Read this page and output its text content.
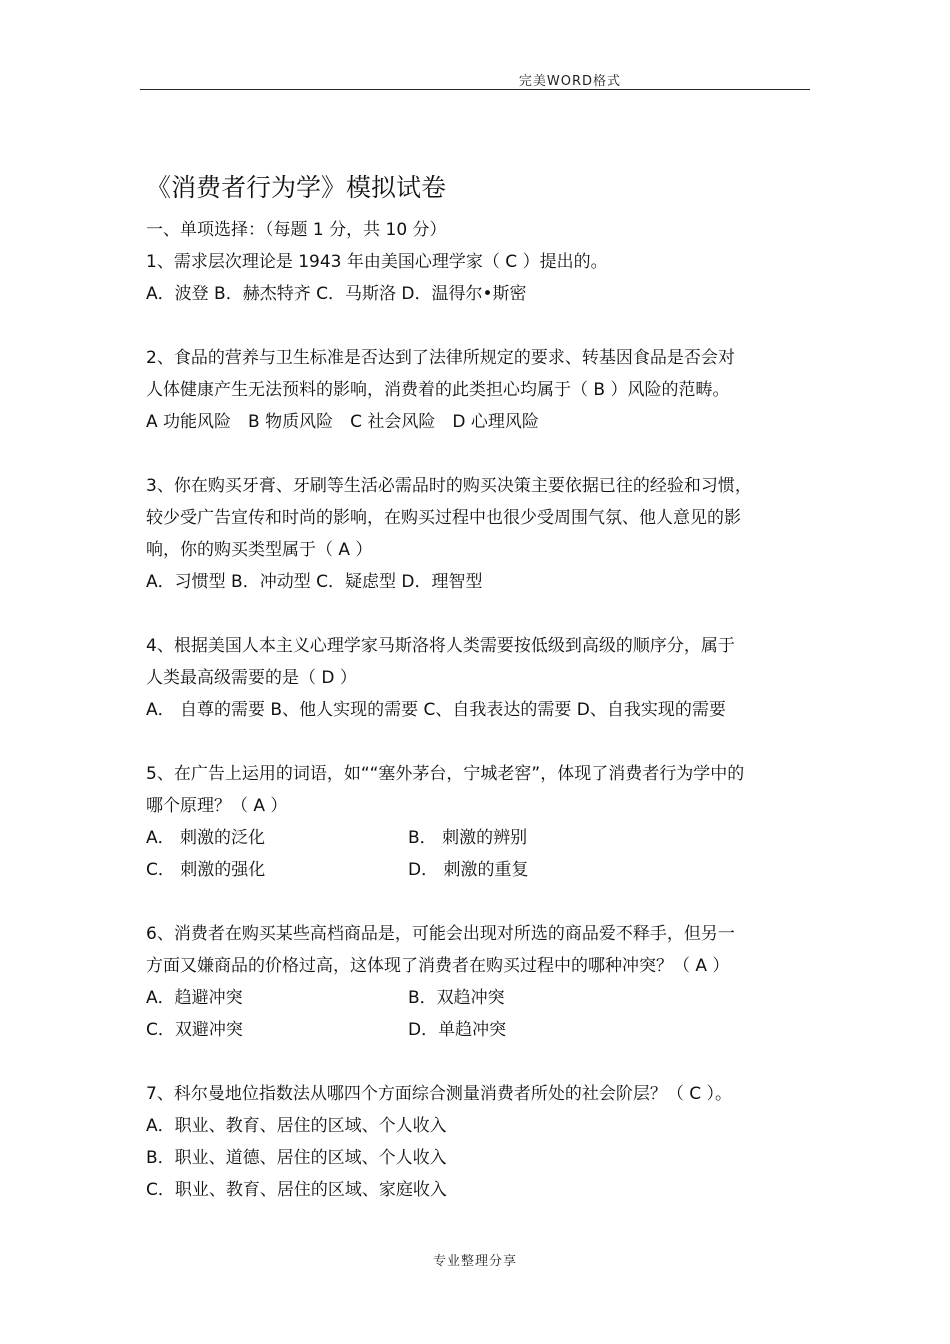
完美WORD格式
《消费者行为学》模拟试卷
一、单项选择：（每题 1 分，共 10 分）
1、需求层次理论是 1943 年由美国心理学家（ C ）提出的。
A．波登 B．赫杰特齐 C．马斯洛 D．温得尔•斯密
2、食品的营养与卫生标准是否达到了法律所规定的要求、转基因食品是否会对
人体健康产生无法预料的影响，消费着的此类担心均属于（ B ）风险的范畴。
A 功能风险　B 物质风险　C 社会风险　D 心理风险
3、你在购买牙膏、牙刷等生活必需品时的购买决策主要依据已往的经验和习惯，
较少受广告宣传和时尚的影响，在购买过程中也很少受周围气氛、他人意见的影
响，你的购买类型属于（ A ）
A．习惯型 B．冲动型 C．疑虑型 D．理智型
4、根据美国人本主义心理学家马斯洛将人类需要按低级到高级的顺序分，属于
人类最高级需要的是（ D ）
A． 自尊的需要 B、他人实现的需要 C、自我表达的需要 D、自我实现的需要
5、在广告上运用的词语，如““塞外茅台，宁城老窖”，体现了消费者行为学中的
哪个原理？（ A ）
A． 刺激的泛化	B． 刺激的辨别
C． 刺激的强化	D． 刺激的重复
6、消费者在购买某些高档商品是，可能会出现对所选的商品爱不释手，但另一
方面又嫌商品的价格过高，这体现了消费者在购买过程中的哪种冲突？（ A ）
A．趋避冲突	B．双趋冲突
C．双避冲突	D．单趋冲突
7、科尔曼地位指数法从哪四个方面综合测量消费者所处的社会阶层？（ C ）。
A．职业、教育、居住的区域、个人收入
B．职业、道德、居住的区域、个人收入
C．职业、教育、居住的区域、家庭收入
专业整理分享
